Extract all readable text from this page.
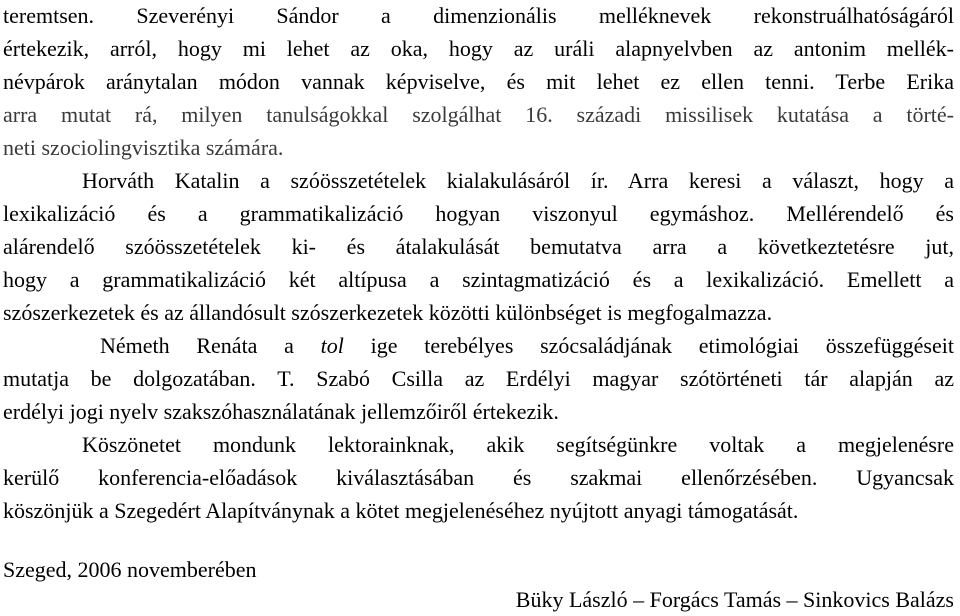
teremtsen. Szeverényi Sándor a dimenzionális melléknevek rekonstruálhatóságáról
értekezik, arról, hogy mi lehet az oka, hogy az uráli alapnyelvben az antonim mellék-
névpárok aránytalan módon vannak képviselve, és mit lehet ez ellen tenni. Terbe Erika
arra mutat rá, milyen tanulságokkal szolgálhat 16. századi missilisek kutatása a törté-
neti szociolingvisztika számára.
Horváth Katalin a szóösszetételek kialakulásáról ír. Arra keresi a választ, hogy a
lexikalizáció és a grammatikalizáció hogyan viszonyul egymáshoz. Mellérendelő és
alárendelő szóösszetételek ki- és átalakulását bemutatva arra a következtetésre jut,
hogy a grammatikalizáció két altípusa a szintagmatizáció és a lexikalizáció. Emellett a
szószerkezetek és az állandósult szószerkezetek közötti különbséget is megfogalmazza.
Németh Renáta a tol ige terebélyes szócsaládjának etimológiai összefüggéseit
mutatja be dolgozatában. T. Szabó Csilla az Erdélyi magyar szótörténeti tár alapján az
erdélyi jogi nyelv szakszóhasználatának jellemzőiről értekezik.
Köszönetet mondunk lektorainknak, akik segítségünkre voltak a megjelenésre
kerülő konferencia-előadások kiválasztásában és szakmai ellenőrzésében. Ugyancsak
köszönjük a Szegedért Alapítványnak a kötet megjelenéséhez nyújtott anyagi támogatását.
Szeged, 2006 novemberében
Büky László – Forgács Tamás – Sinkovics Balázs
